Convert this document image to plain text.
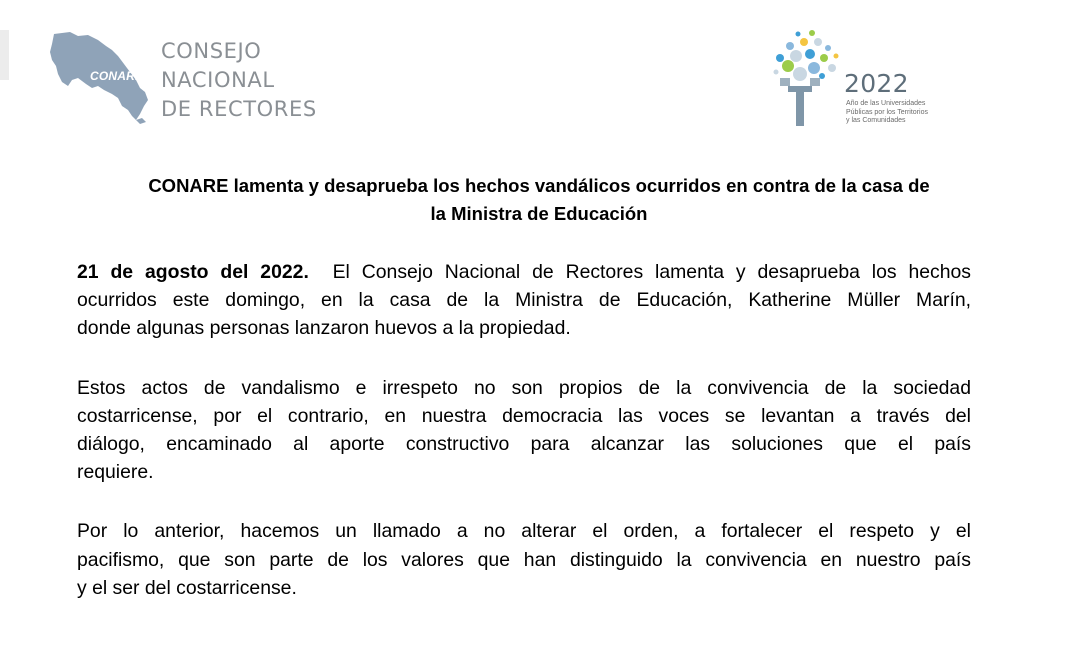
CONARE
CONSEJO
NACIONAL
DE RECTORES
2022
Año de las Universidades
Públicas por los Territorios
y las Comunidades
CONARE lamenta y desaprueba los hechos vandálicos ocurridos en contra de la casa de
la Ministra de Educación
21 de agosto del 2022. El Consejo Nacional de Rectores lamenta y desaprueba los hechos
ocurridos este domingo, en la casa de la Ministra de Educación, Katherine Müller Marín,
donde algunas personas lanzaron huevos a la propiedad.
Estos actos de vandalismo e irrespeto no son propios de la convivencia de la sociedad
costarricense, por el contrario, en nuestra democracia las voces se levantan a través del
diálogo, encaminado al aporte constructivo para alcanzar las soluciones que el país
requiere.
Por lo anterior, hacemos un llamado a no alterar el orden, a fortalecer el respeto y el
pacifismo, que son parte de los valores que han distinguido la convivencia en nuestro país
y el ser del costarricense.
